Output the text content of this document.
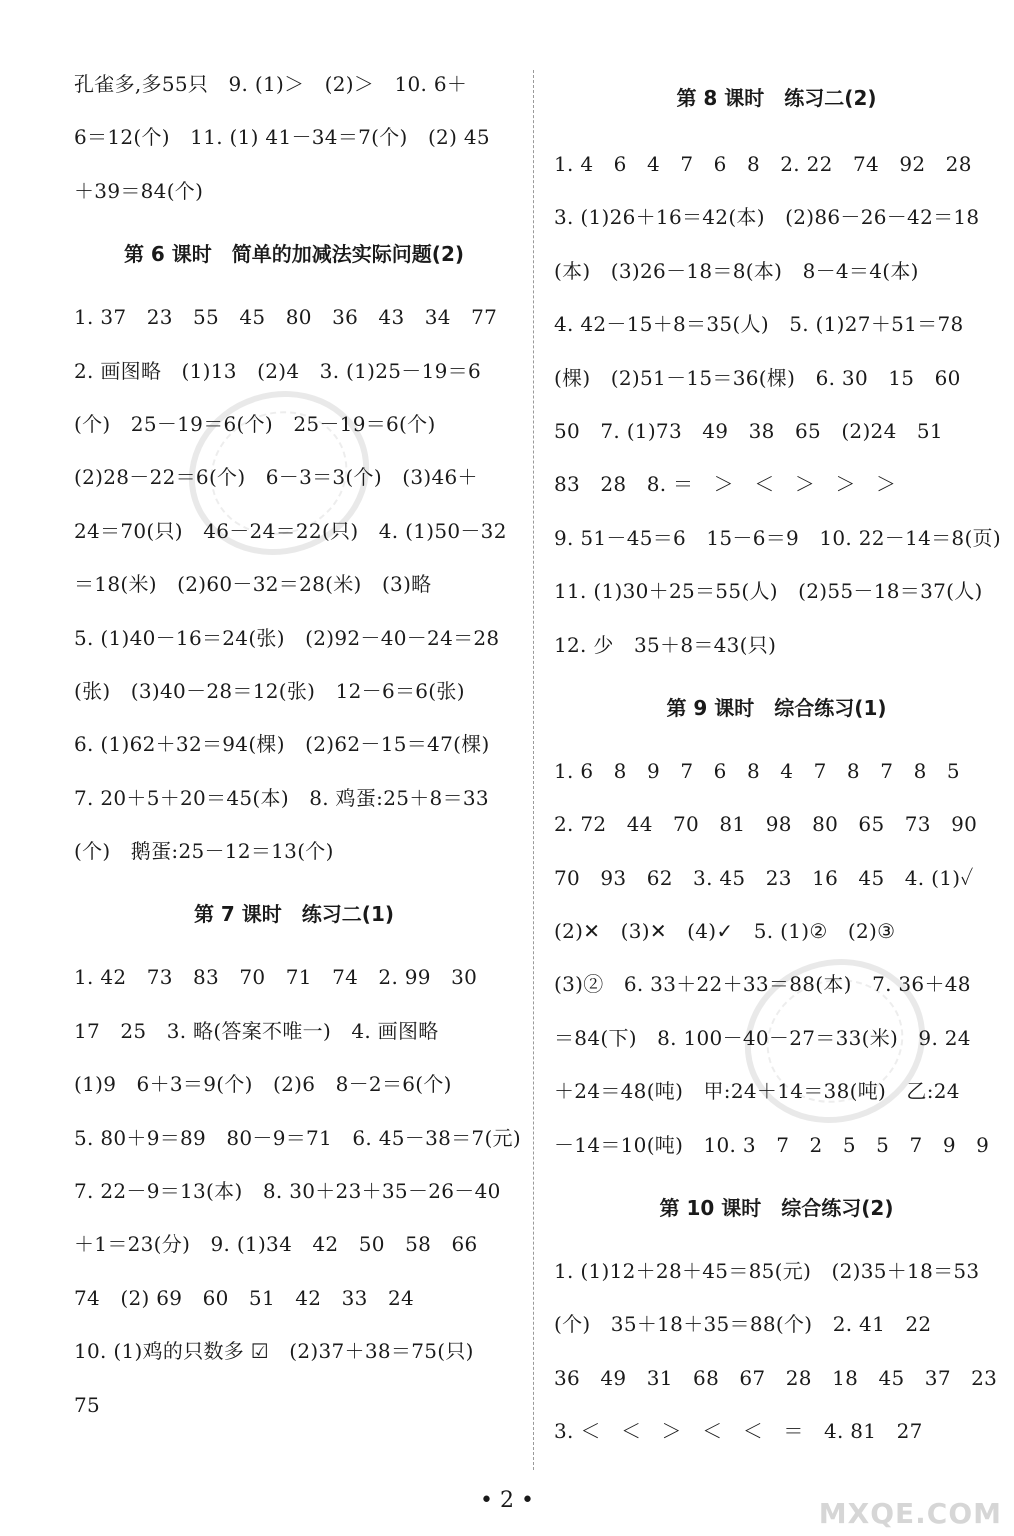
孔雀多,多55只　9. (1)＞　(2)＞　10. 6＋
6＝12(个)　11. (1) 41－34＝7(个)　(2) 45
＋39＝84(个)
第 6 课时　简单的加减法实际问题(2)
1. 37　23　55　45　80　36　43　34　77
2. 画图略　(1)13　(2)4　3. (1)25－19＝6
(个)　25－19＝6(个)　25－19＝6(个)
(2)28－22＝6(个)　6－3＝3(个)　(3)46＋
24＝70(只)　46－24＝22(只)　4. (1)50－32
＝18(米)　(2)60－32＝28(米)　(3)略
5. (1)40－16＝24(张)　(2)92－40－24＝28
(张)　(3)40－28＝12(张)　12－6＝6(张)
6. (1)62＋32＝94(棵)　(2)62－15＝47(棵)
7. 20＋5＋20＝45(本)　8. 鸡蛋:25＋8＝33
(个)　鹅蛋:25－12＝13(个)
第 7 课时　练习二(1)
1. 42　73　83　70　71　74　2. 99　30
17　25　3. 略(答案不唯一)　4. 画图略
(1)9　6＋3＝9(个)　(2)6　8－2＝6(个)
5. 80＋9＝89　80－9＝71　6. 45－38＝7(元)
7. 22－9＝13(本)　8. 30＋23＋35－26－40
＋1＝23(分)　9. (1)34　42　50　58　66
74　(2) 69　60　51　42　33　24
10. (1)鸡的只数多 ☑　(2)37＋38＝75(只)
75
第 8 课时　练习二(2)
1. 4　6　4　7　6　8　2. 22　74　92　28
3. (1)26＋16＝42(本)　(2)86－26－42＝18
(本)　(3)26－18＝8(本)　8－4＝4(本)
4. 42－15＋8＝35(人)　5. (1)27＋51＝78
(棵)　(2)51－15＝36(棵)　6. 30　15　60
50　7. (1)73　49　38　65　(2)24　51
83　28　8. ＝　＞　＜　＞　＞　＞
9. 51－45＝6　15－6＝9　10. 22－14＝8(页)
11. (1)30＋25＝55(人)　(2)55－18＝37(人)
12. 少　35＋8＝43(只)
第 9 课时　综合练习(1)
1. 6　8　9　7　6　8　4　7　8　7　8　5
2. 72　44　70　81　98　80　65　73　90
70　93　62　3. 45　23　16　45　4. (1)✓
(2)✕　(3)✕　(4)✓　5. (1)②　(2)③
(3)②　6. 33＋22＋33＝88(本)　7. 36＋48
＝84(下)　8. 100－40－27＝33(米)　9. 24
＋24＝48(吨)　甲:24＋14＝38(吨)　乙:24
－14＝10(吨)　10. 3　7　2　5　5　7　9　9
第 10 课时　综合练习(2)
1. (1)12＋28＋45＝85(元)　(2)35＋18＝53
(个)　35＋18＋35＝88(个)　2. 41　22
36　49　31　68　67　28　18　45　37　23
3. ＜　＜　＞　＜　＜　＝　4. 81　27
• 2 •	MXQE.COM
